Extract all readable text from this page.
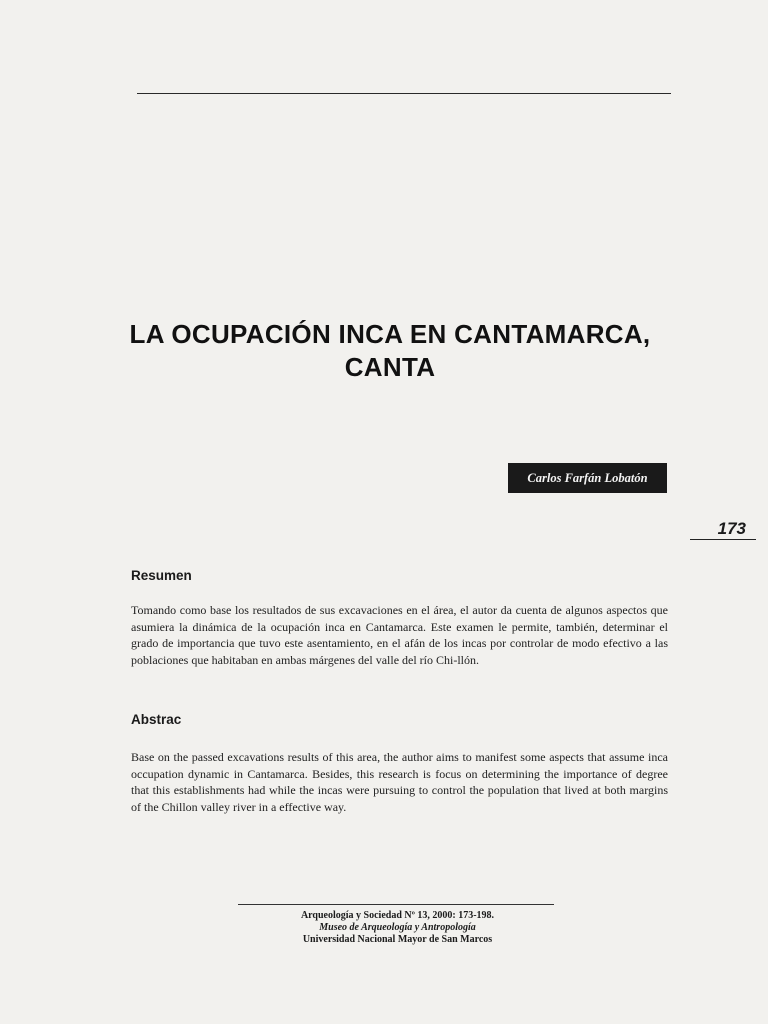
LA OCUPACIÓN INCA EN CANTAMARCA,
CANTA
Carlos Farfán Lobatón
173
Resumen
Tomando como base los resultados de sus excavaciones en el área, el autor da cuenta de algunos aspectos que asumiera la dinámica de la ocupación inca en Cantamarca. Este examen le permite, también, determinar el grado de importancia que tuvo este asentamiento, en el afán de los incas por controlar de modo efectivo a las poblaciones que habitaban en ambas márgenes del valle del río Chi-llón.
Abstrac
Base on the passed excavations results of this area, the author aims to manifest some aspects that assume inca occupation dynamic in Cantamarca. Besides, this research is focus on determining the importance of degree that this establishments had while the incas were pursuing to control the population that lived at both margins of the Chillon valley river in a effective way.
Arqueología y Sociedad Nº 13, 2000: 173-198.
Museo de Arqueología y Antropología
Universidad Nacional Mayor de San Marcos
